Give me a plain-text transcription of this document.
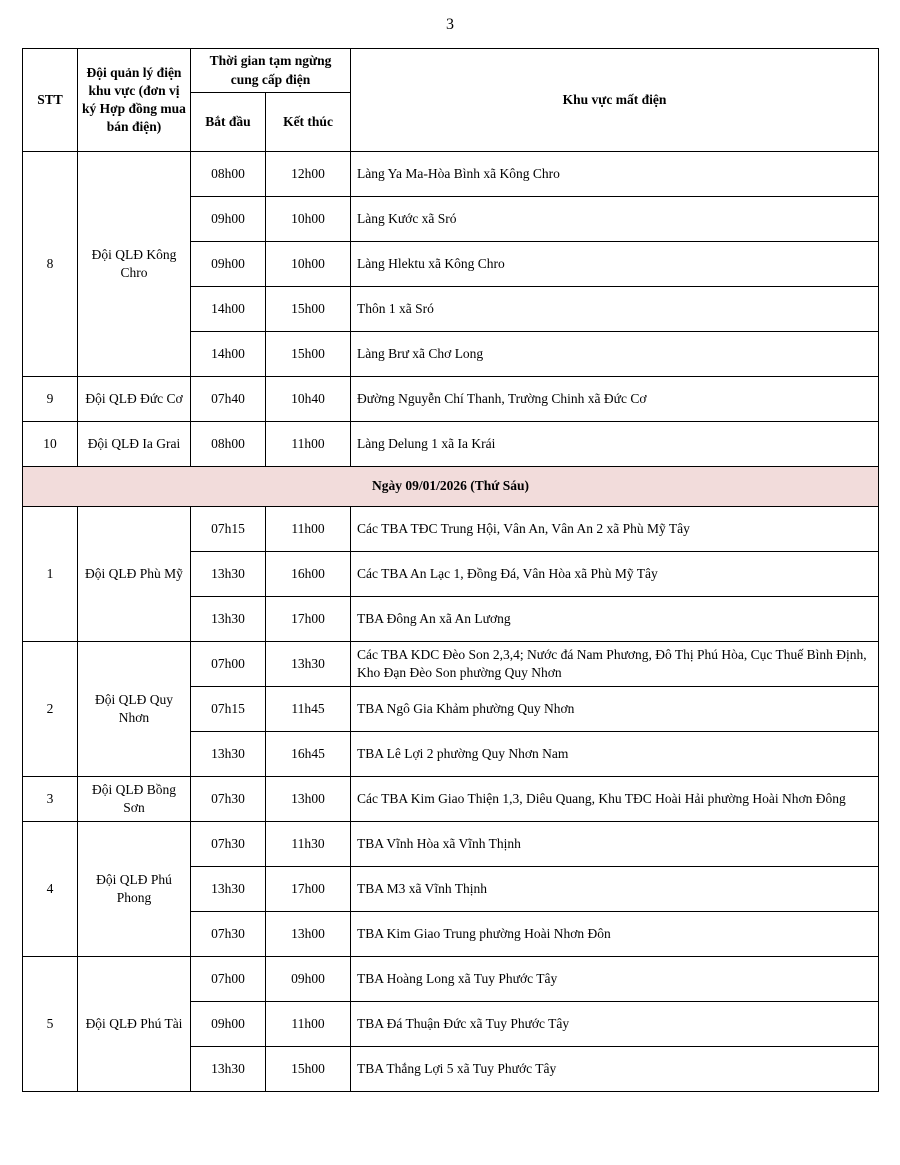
3
STT	Đội quản lý điện khu vực (đơn vị ký Hợp đồng mua bán điện)	Thời gian tạm ngừng cung cấp điện		Khu vực mất điện
		Bắt đầu	Kết thúc	
8	Đội QLĐ Kông Chro	08h00	12h00	Làng Ya Ma-Hòa Bình xã Kông Chro
		09h00	10h00	Làng Kước xã Sró
		09h00	10h00	Làng Hlektu xã Kông Chro
		14h00	15h00	Thôn 1 xã Sró
		14h00	15h00	Làng Brư xã Chơ Long
9	Đội QLĐ Đức Cơ	07h40	10h40	Đường Nguyễn Chí Thanh, Trường Chinh xã Đức Cơ
10	Đội QLĐ Ia Grai	08h00	11h00	Làng Delung 1 xã Ia Krái
Ngày 09/01/2026 (Thứ Sáu)				
1	Đội QLĐ Phù Mỹ	07h15	11h00	Các TBA TĐC Trung Hội, Vân An, Vân An 2 xã Phù Mỹ Tây
		13h30	16h00	Các TBA An Lạc 1, Đồng Đá, Vân Hòa xã Phù Mỹ Tây
		13h30	17h00	TBA Đông An xã An Lương
2	Đội QLĐ Quy Nhơn	07h00	13h30	Các TBA KDC Đèo Son 2,3,4; Nước đá Nam Phương, Đô Thị Phú Hòa, Cục Thuế Bình Định, Kho Đạn Đèo Son phường Quy Nhơn
		07h15	11h45	TBA Ngô Gia Khảm phường Quy Nhơn
		13h30	16h45	TBA Lê Lợi 2 phường Quy Nhơn Nam
3	Đội QLĐ Bồng Sơn	07h30	13h00	Các TBA Kim Giao Thiện 1,3, Diêu Quang, Khu TĐC Hoài Hải phường Hoài Nhơn Đông
4	Đội QLĐ Phú Phong	07h30	11h30	TBA Vĩnh Hòa xã Vĩnh Thịnh
		13h30	17h00	TBA M3 xã Vĩnh Thịnh
		07h30	13h00	TBA Kim Giao Trung phường Hoài Nhơn Đôn
5	Đội QLĐ Phú Tài	07h00	09h00	TBA Hoàng Long xã Tuy Phước Tây
		09h00	11h00	TBA Đá Thuận Đức xã Tuy Phước Tây
		13h30	15h00	TBA Thắng Lợi 5 xã Tuy Phước Tây
